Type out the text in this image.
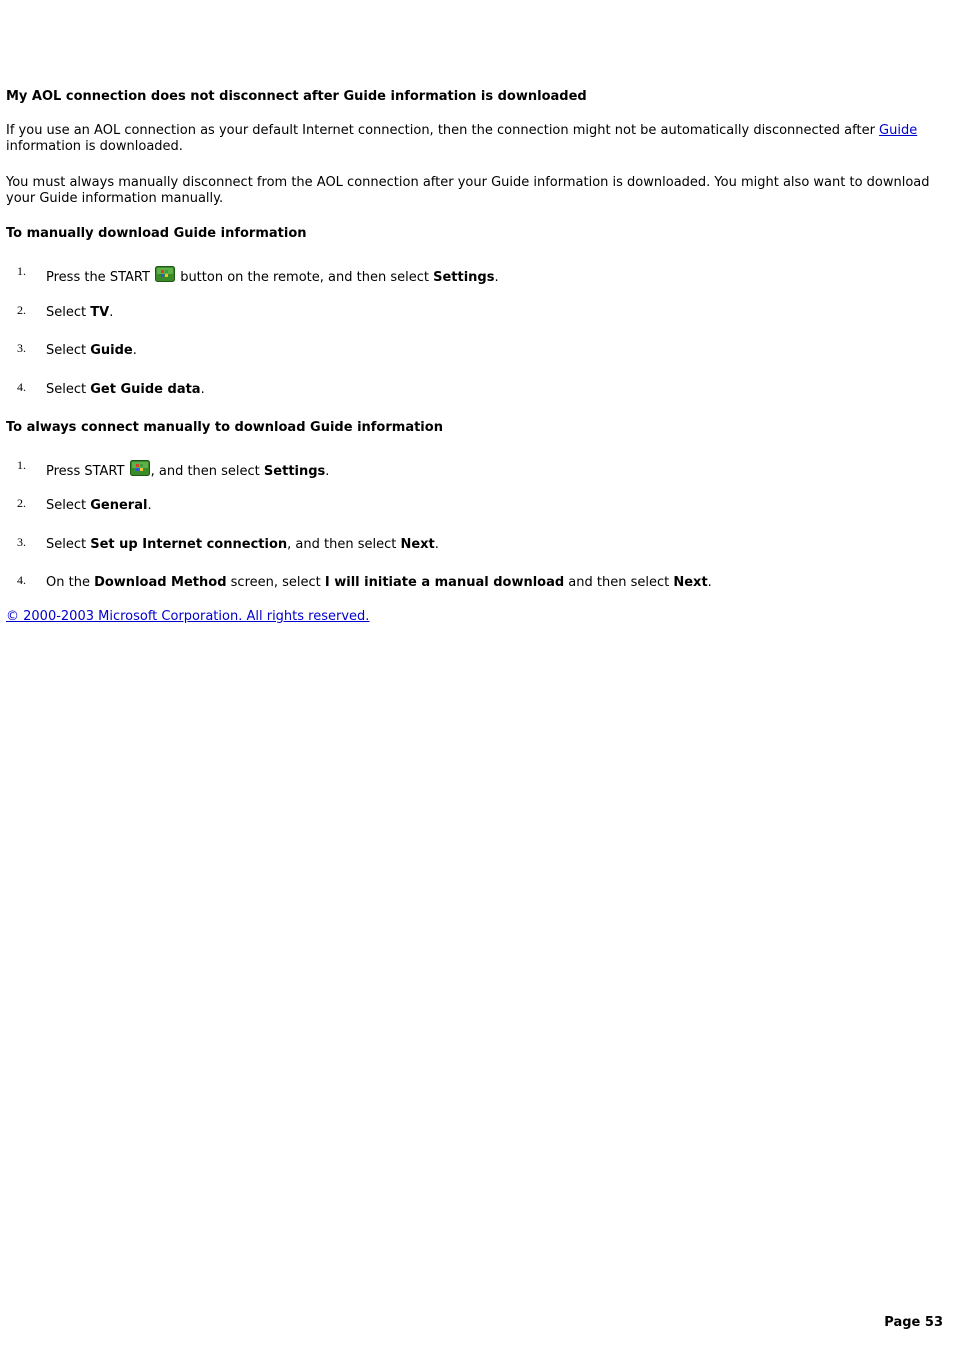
My AOL connection does not disconnect after Guide information is downloaded
If you use an AOL connection as your default Internet connection, then the connection might not be automatically disconnected after Guide information is downloaded.
You must always manually disconnect from the AOL connection after your Guide information is downloaded. You might also want to download your Guide information manually.
To manually download Guide information
1. Press the START  button on the remote, and then select Settings.
2. Select TV.
3. Select Guide.
4. Select Get Guide data.
To always connect manually to download Guide information
1. Press START , and then select Settings.
2. Select General.
3. Select Set up Internet connection, and then select Next.
4. On the Download Method screen, select I will initiate a manual download and then select Next.
© 2000-2003 Microsoft Corporation. All rights reserved.
Page 53
